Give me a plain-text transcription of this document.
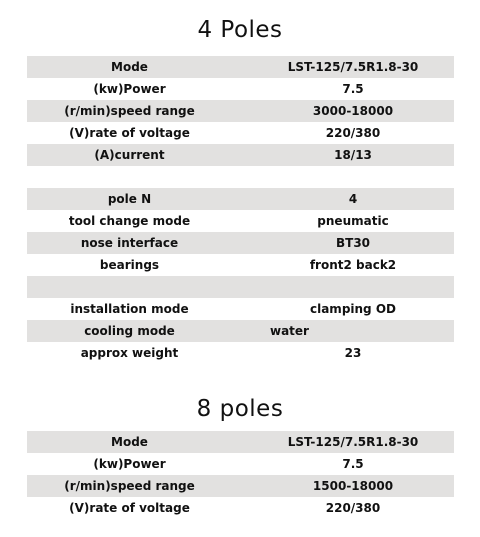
4 Poles
Mode	LST-125/7.5R1.8-30
(kw)Power	7.5
(r/min)speed range	3000-18000
(V)rate of voltage	220/380
(A)current	18/13
pole N	4
tool change mode	pneumatic
nose interface	BT30
bearings	front2 back2
installation mode	clamping OD
cooling mode	water
approx weight	23
8 poles
Mode	LST-125/7.5R1.8-30
(kw)Power	7.5
(r/min)speed range	1500-18000
(V)rate of voltage	220/380
